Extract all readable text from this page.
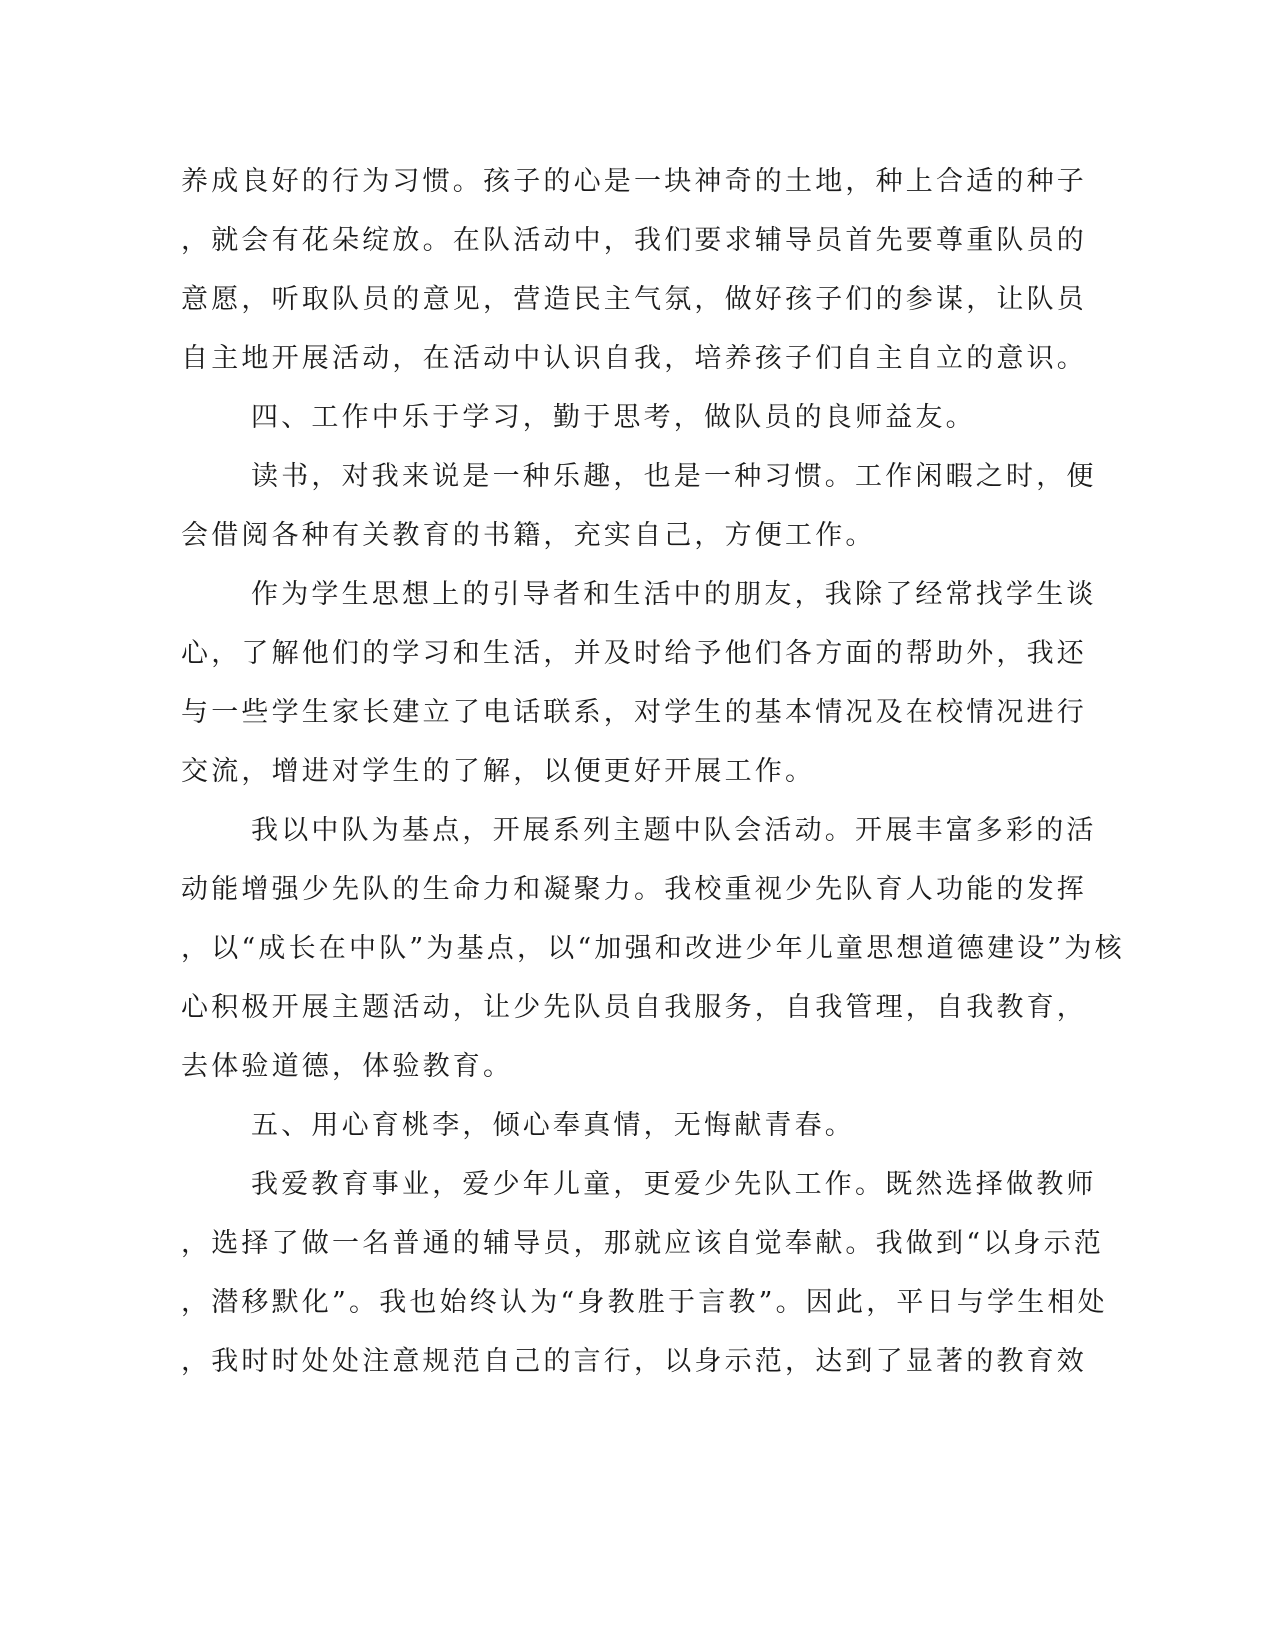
养成良好的行为习惯。孩子的心是一块神奇的土地，种上合适的种子
，就会有花朵绽放。在队活动中，我们要求辅导员首先要尊重队员的
意愿，听取队员的意见，营造民主气氛，做好孩子们的参谋，让队员
自主地开展活动，在活动中认识自我，培养孩子们自主自立的意识。
四、工作中乐于学习，勤于思考，做队员的良师益友。
读书，对我来说是一种乐趣，也是一种习惯。工作闲暇之时，便
会借阅各种有关教育的书籍，充实自己，方便工作。
作为学生思想上的引导者和生活中的朋友，我除了经常找学生谈
心，了解他们的学习和生活，并及时给予他们各方面的帮助外，我还
与一些学生家长建立了电话联系，对学生的基本情况及在校情况进行
交流，增进对学生的了解，以便更好开展工作。
我以中队为基点，开展系列主题中队会活动。开展丰富多彩的活
动能增强少先队的生命力和凝聚力。我校重视少先队育人功能的发挥
，以“成长在中队”为基点，以“加强和改进少年儿童思想道德建设”为核
心积极开展主题活动，让少先队员自我服务，自我管理，自我教育，
去体验道德，体验教育。
五、用心育桃李，倾心奉真情，无悔献青春。
我爱教育事业，爱少年儿童，更爱少先队工作。既然选择做教师
，选择了做一名普通的辅导员，那就应该自觉奉献。我做到“以身示范
，潜移默化”。我也始终认为“身教胜于言教”。因此，平日与学生相处
，我时时处处注意规范自己的言行，以身示范，达到了显著的教育效
